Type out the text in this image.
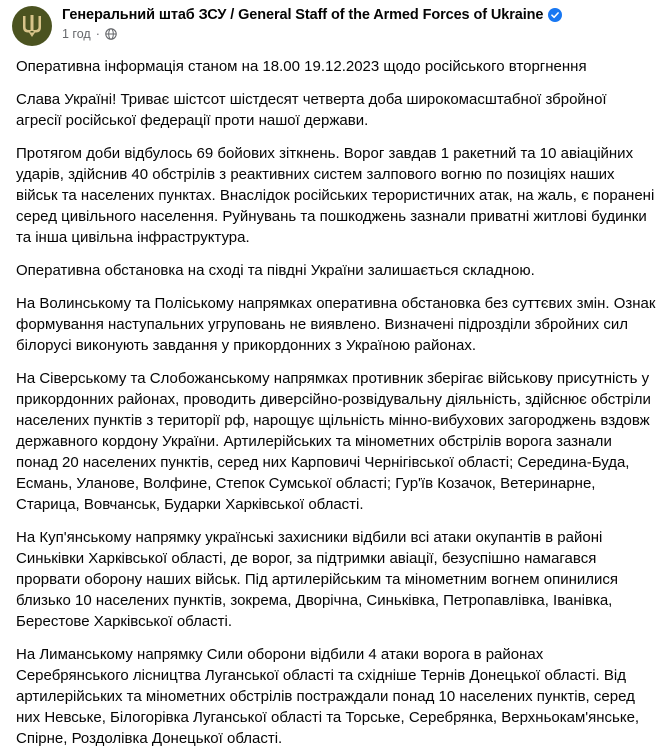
Генеральний штаб ЗСУ / General Staff of the Armed Forces of Ukraine
1 год ·

Оперативна інформація станом на 18.00 19.12.2023 щодо російського вторгнення

Слава Україні! Триває шістсот шістдесят четверта доба широкомасштабної збройної агресії російської федерації проти нашої держави.

Протягом доби відбулось 69 бойових зіткнень. Ворог завдав 1 ракетний та 10 авіаційних ударів, здійснив 40 обстрілів з реактивних систем залпового вогню по позиціях наших військ та населених пунктах. Внаслідок російських терористичних атак, на жаль, є поранені серед цивільного населення. Руйнувань та пошкоджень зазнали приватні житлові будинки та інша цивільна інфраструктура.

Оперативна обстановка на сході та півдні України залишається складною.

На Волинському та Поліському напрямках оперативна обстановка без суттєвих змін. Ознак формування наступальних угруповань не виявлено. Визначені підрозділи збройних сил білорусі виконують завдання у прикордонних з Україною районах.

На Сіверському та Слобожанському напрямках противник зберігає військову присутність у прикордонних районах, проводить диверсійно-розвідувальну діяльність, здійснює обстріли населених пунктів з території рф, нарощує щільність мінно-вибухових загороджень вздовж державного кордону України. Артилерійських та мінометних обстрілів ворога зазнали понад 20 населених пунктів, серед них Карповичі Чернігівської області; Середина-Буда, Есмань, Уланове, Волфине, Степок Сумської області; Гур'їв Козачок, Ветеринарне, Старица, Вовчанськ, Бударки Харківської області.

На Куп'янському напрямку українські захисники відбили всі атаки окупантів в районі Синьківки Харківської області, де ворог, за підтримки авіації, безуспішно намагався прорвати оборону наших військ. Під артилерійським та мінометним вогнем опинилися близько 10 населених пунктів, зокрема, Дворічна, Синьківка, Петропавлівка, Іванівка, Берестове Харківської області.

На Лиманському напрямку Сили оборони відбили 4 атаки ворога в районах Серебрянського лісництва Луганської області та східніше Тернів Донецької області. Від артилерійських та мінометних обстрілів постраждали понад 10 населених пунктів, серед них Невське, Білогорівка Луганської області та Торське, Серебрянка, Верхньокам'янське, Спірне, Роздолівка Донецької області.
